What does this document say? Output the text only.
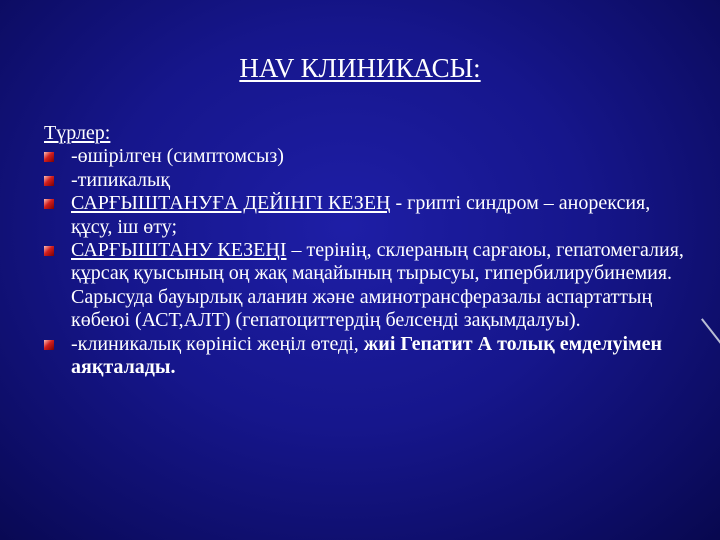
HAV КЛИНИКАСЫ:
Түрлер:
-өшірілген (симптомсыз)
-типикалық
САРҒЫШТАНУҒА ДЕЙІНГІ КЕЗЕҢ - грипті синдром – анорексия, құсу, іш өту;
САРҒЫШТАНУ КЕЗЕҢІ – терінің, склераның сарғаюы, гепатомегалия, құрсақ қуысының оң жақ маңайының тырысуы, гипербилирубинемия. Сарысуда бауырлық аланин және аминотрансферазалы аспартаттың көбеюі (АСТ,АЛТ) (гепатоциттердің белсенді зақымдалуы).
-клиникалық көрінісі жеңіл өтеді, жиі Гепатит А толық емделуімен аяқталады.
